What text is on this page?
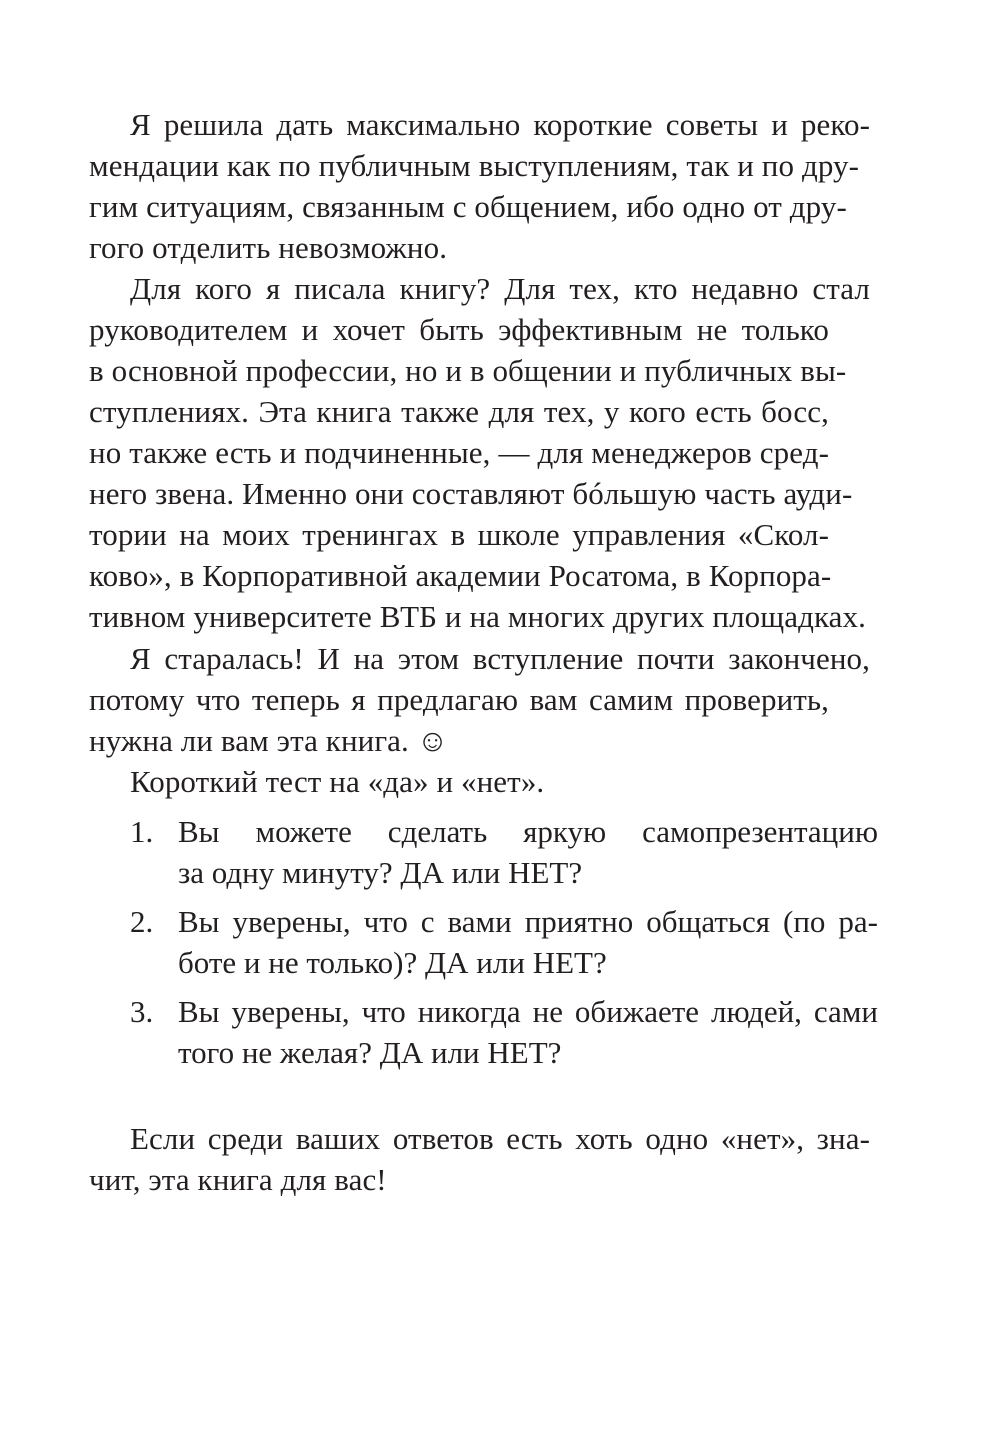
Я решила дать максимально короткие советы и реко-
мендации как по публичным выступлениям, так и по дру-
гим ситуациям, связанным с общением, ибо одно от дру-
гого отделить невозможно.
Для кого я писала книгу? Для тех, кто недавно стал
руководителем и хочет быть эффективным не только
в основной профессии, но и в общении и публичных вы-
ступлениях. Эта книга также для тех, у кого есть босс,
но также есть и подчиненные, — для менеджеров сред-
него звена. Именно они составляют бóльшую часть ауди-
тории на моих тренингах в школе управления «Скол-
ково», в Корпоративной академии Росатома, в Корпора-
тивном университете ВТБ и на многих других площадках.
Я старалась! И на этом вступление почти закончено,
потому что теперь я предлагаю вам самим проверить,
нужна ли вам эта книга. ☺
Короткий тест на «да» и «нет».
1. Вы можете сделать яркую самопрезентацию
за одну минуту? ДА или НЕТ?
2. Вы уверены, что с вами приятно общаться (по ра-
боте и не только)? ДА или НЕТ?
3. Вы уверены, что никогда не обижаете людей, сами
того не желая? ДА или НЕТ?
Если среди ваших ответов есть хоть одно «нет», зна-
чит, эта книга для вас!
